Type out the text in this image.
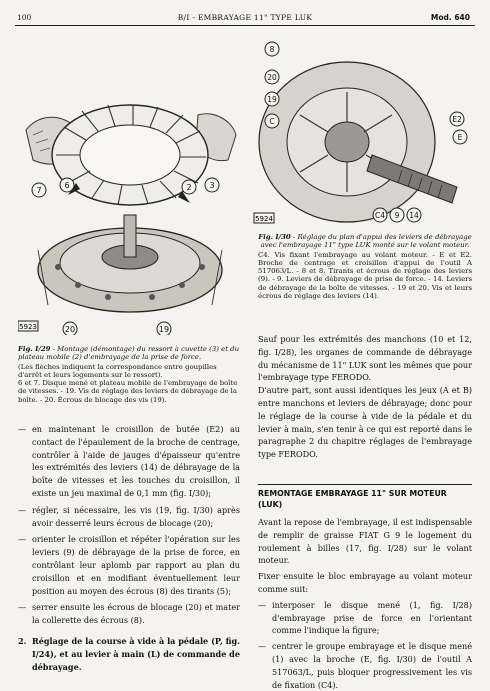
100	B/I - EMBRAYAGE 11" TYPE LUK	Mod. 640
7
6	2 3
20	19
5923
8
20
19
C	E2
E
C4 9 14
5924
Fig. I/30 - Réglage du plan d'appui des leviers de débrayage avec l'embrayage 11" type LUK monté sur le volant moteur.
C4. Vis fixant l'embrayage au volant moteur. - E et E2. Broche de centrage et croisillon d'appui de l'outil A 517063/L. - 8 et 8. Tirants et écrous de réglage des leviers (9). - 9. Leviers de débrayage de prise de force. - 14. Leviers de débrayage de la boîte de vitesses. - 19 et 20. Vis et leurs écrous de réglage des leviers (14).
Fig. I/29 - Montage (démontage) du ressort à cuvette (3) et du plateau mobile (2) d'embrayage de la prise de force.
(Les flèches indiquent la correspondance entre goupilles d'arrêt et leurs logements sur le ressort).
6 et 7. Disque mené et plateau mobile de l'embrayage de boîte de vitesses. - 19. Vis de réglage des leviers de débrayage de la boîte. - 20. Écrous de blocage des vis (19).
— en maintenant le croisillon de butée (E2) au contact de l'épaulement de la broche de centrage, contrôler à l'aide de jauges d'épaisseur qu'entre les extrémités des leviers (14) de débrayage de la boîte de vitesses et les touches du croisillon, il existe un jeu maximal de 0,1 mm (fig. I/30);
— régler, si nécessaire, les vis (19, fig. I/30) après avoir desserré leurs écrous de blocage (20);
— orienter le croisillon et répéter l'opération sur les leviers (9) de débrayage de la prise de force, en contrôlant leur aplomb par rapport au plan du croisillon et en modifiant éventuellement leur position au moyen des écrous (8) des tirants (5);
— serrer ensuite les écrous de blocage (20) et mater la collerette des écrous (8).
2. Réglage de la course à vide à la pédale (P, fig. I/24), et au levier à main (L) de commande de débrayage.
Sauf pour les extrémités des manchons (10 et 12, fig. I/28), les organes de commande de débrayage du mécanisme de 11" LUK sont les mêmes que pour l'embrayage type FERODO.
D'autre part, sont aussi identiques les jeux (A et B) entre manchons et leviers de débrayage; donc pour le réglage de la course à vide de la pédale et du levier à main, s'en tenir à ce qui est reporté dans le paragraphe 2 du chapitre réglages de l'embrayage type FERODO.
REMONTAGE EMBRAYAGE 11" SUR MOTEUR (LUK)
Avant la repose de l'embrayage, il est indispensable de remplir de graisse FIAT G 9 le logement du roulement à billes (17, fig. I/28) sur le volant moteur.
Fixer ensuite le bloc embrayage au volant moteur comme suit:
— interposer le disque mené (1, fig. I/28) d'embrayage prise de force en l'orientant comme l'indique la figure;
— centrer le groupe embrayage et le disque mené (1) avec la broche (E, fig. I/30) de l'outil A 517063/L, puis bloquer progressivement les vis de fixation (C4).
